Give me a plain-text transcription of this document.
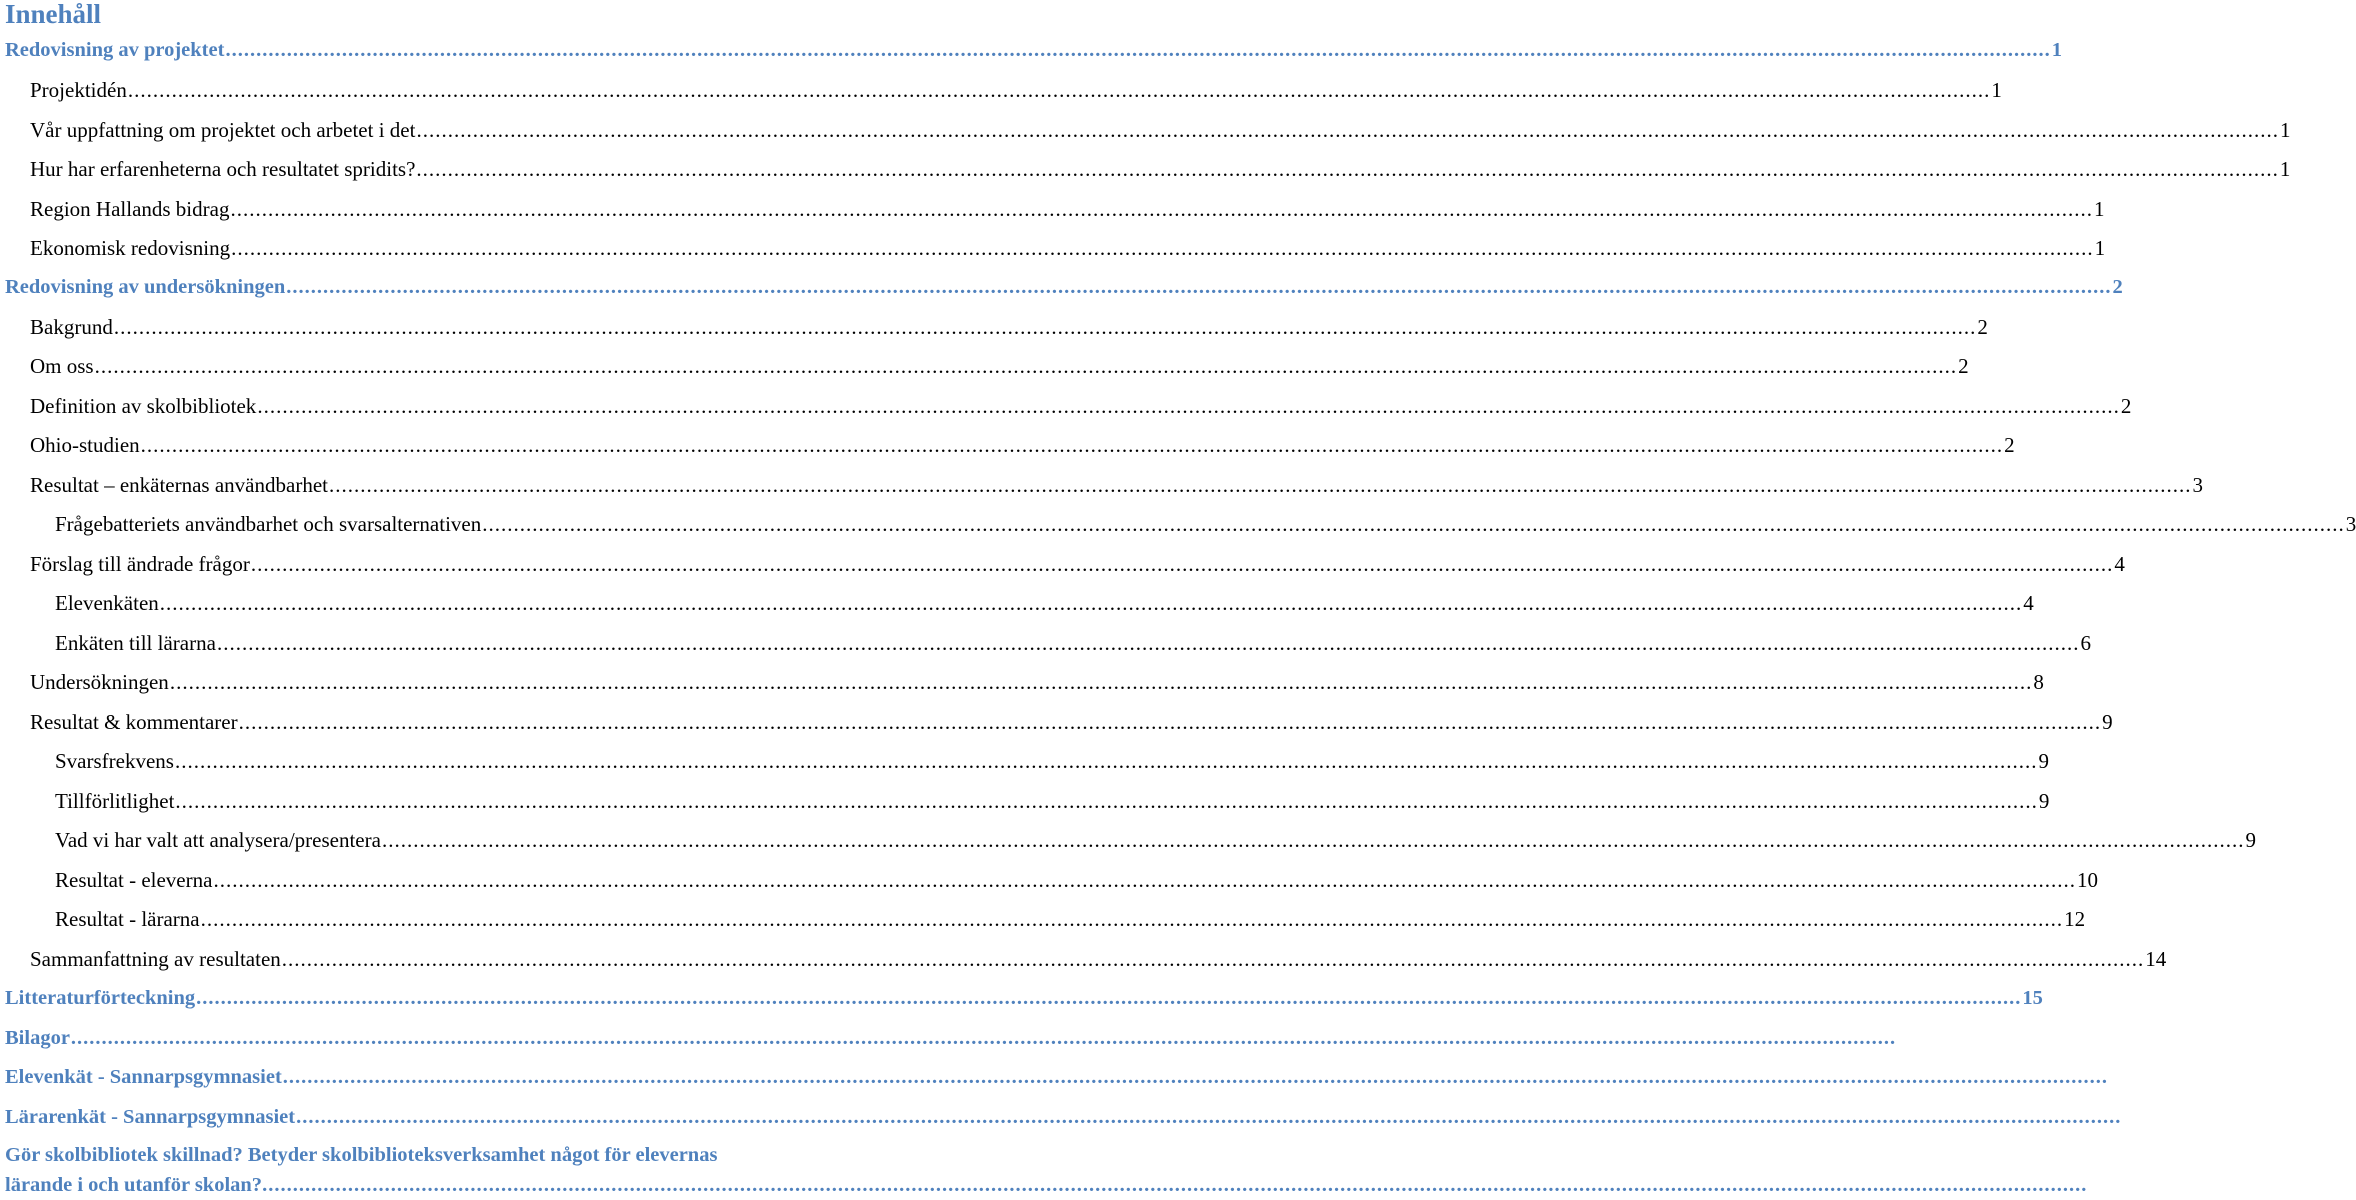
Innehåll
Redovisning av projektet .......................................................................................................................................................................................................................................................................................................... 1
Projektidén .......................................................................................................................................................................................................................................................................................................... 1
Vår uppfattning om projektet och arbetet i det .......................................................................................................................................................................................................................................................................................................... 1
Hur har erfarenheterna och resultatet spridits? .......................................................................................................................................................................................................................................................................................................... 1
Region Hallands bidrag .......................................................................................................................................................................................................................................................................................................... 1
Ekonomisk redovisning .......................................................................................................................................................................................................................................................................................................... 1
Redovisning av undersökningen .......................................................................................................................................................................................................................................................................................................... 2
Bakgrund .......................................................................................................................................................................................................................................................................................................... 2
Om oss .......................................................................................................................................................................................................................................................................................................... 2
Definition av skolbibliotek .......................................................................................................................................................................................................................................................................................................... 2
Ohio-studien .......................................................................................................................................................................................................................................................................................................... 2
Resultat – enkäternas användbarhet .......................................................................................................................................................................................................................................................................................................... 3
Frågebatteriets användbarhet och svarsalternativen .......................................................................................................................................................................................................................................................................................................... 3
Förslag till ändrade frågor .......................................................................................................................................................................................................................................................................................................... 4
Elevenkäten .......................................................................................................................................................................................................................................................................................................... 4
Enkäten till lärarna .......................................................................................................................................................................................................................................................................................................... 6
Undersökningen .......................................................................................................................................................................................................................................................................................................... 8
Resultat & kommentarer .......................................................................................................................................................................................................................................................................................................... 9
Svarsfrekvens .......................................................................................................................................................................................................................................................................................................... 9
Tillförlitlighet .......................................................................................................................................................................................................................................................................................................... 9
Vad vi har valt att analysera/presentera .......................................................................................................................................................................................................................................................................................................... 9
Resultat - eleverna .......................................................................................................................................................................................................................................................................................................... 10
Resultat - lärarna .......................................................................................................................................................................................................................................................................................................... 12
Sammanfattning av resultaten .......................................................................................................................................................................................................................................................................................................... 14
Litteraturförteckning .......................................................................................................................................................................................................................................................................................................... 15
Bilagor ..........................................................................................................................................................................................................................................................................................................
Elevenkät - Sannarpsgymnasiet ..........................................................................................................................................................................................................................................................................................................
Lärarenkät - Sannarpsgymnasiet ..........................................................................................................................................................................................................................................................................................................
Gör skolbibliotek skillnad? Betyder skolbiblioteksverksamhet något för elevernas
lärande i och utanför skolan? ..........................................................................................................................................................................................................................................................................................................
